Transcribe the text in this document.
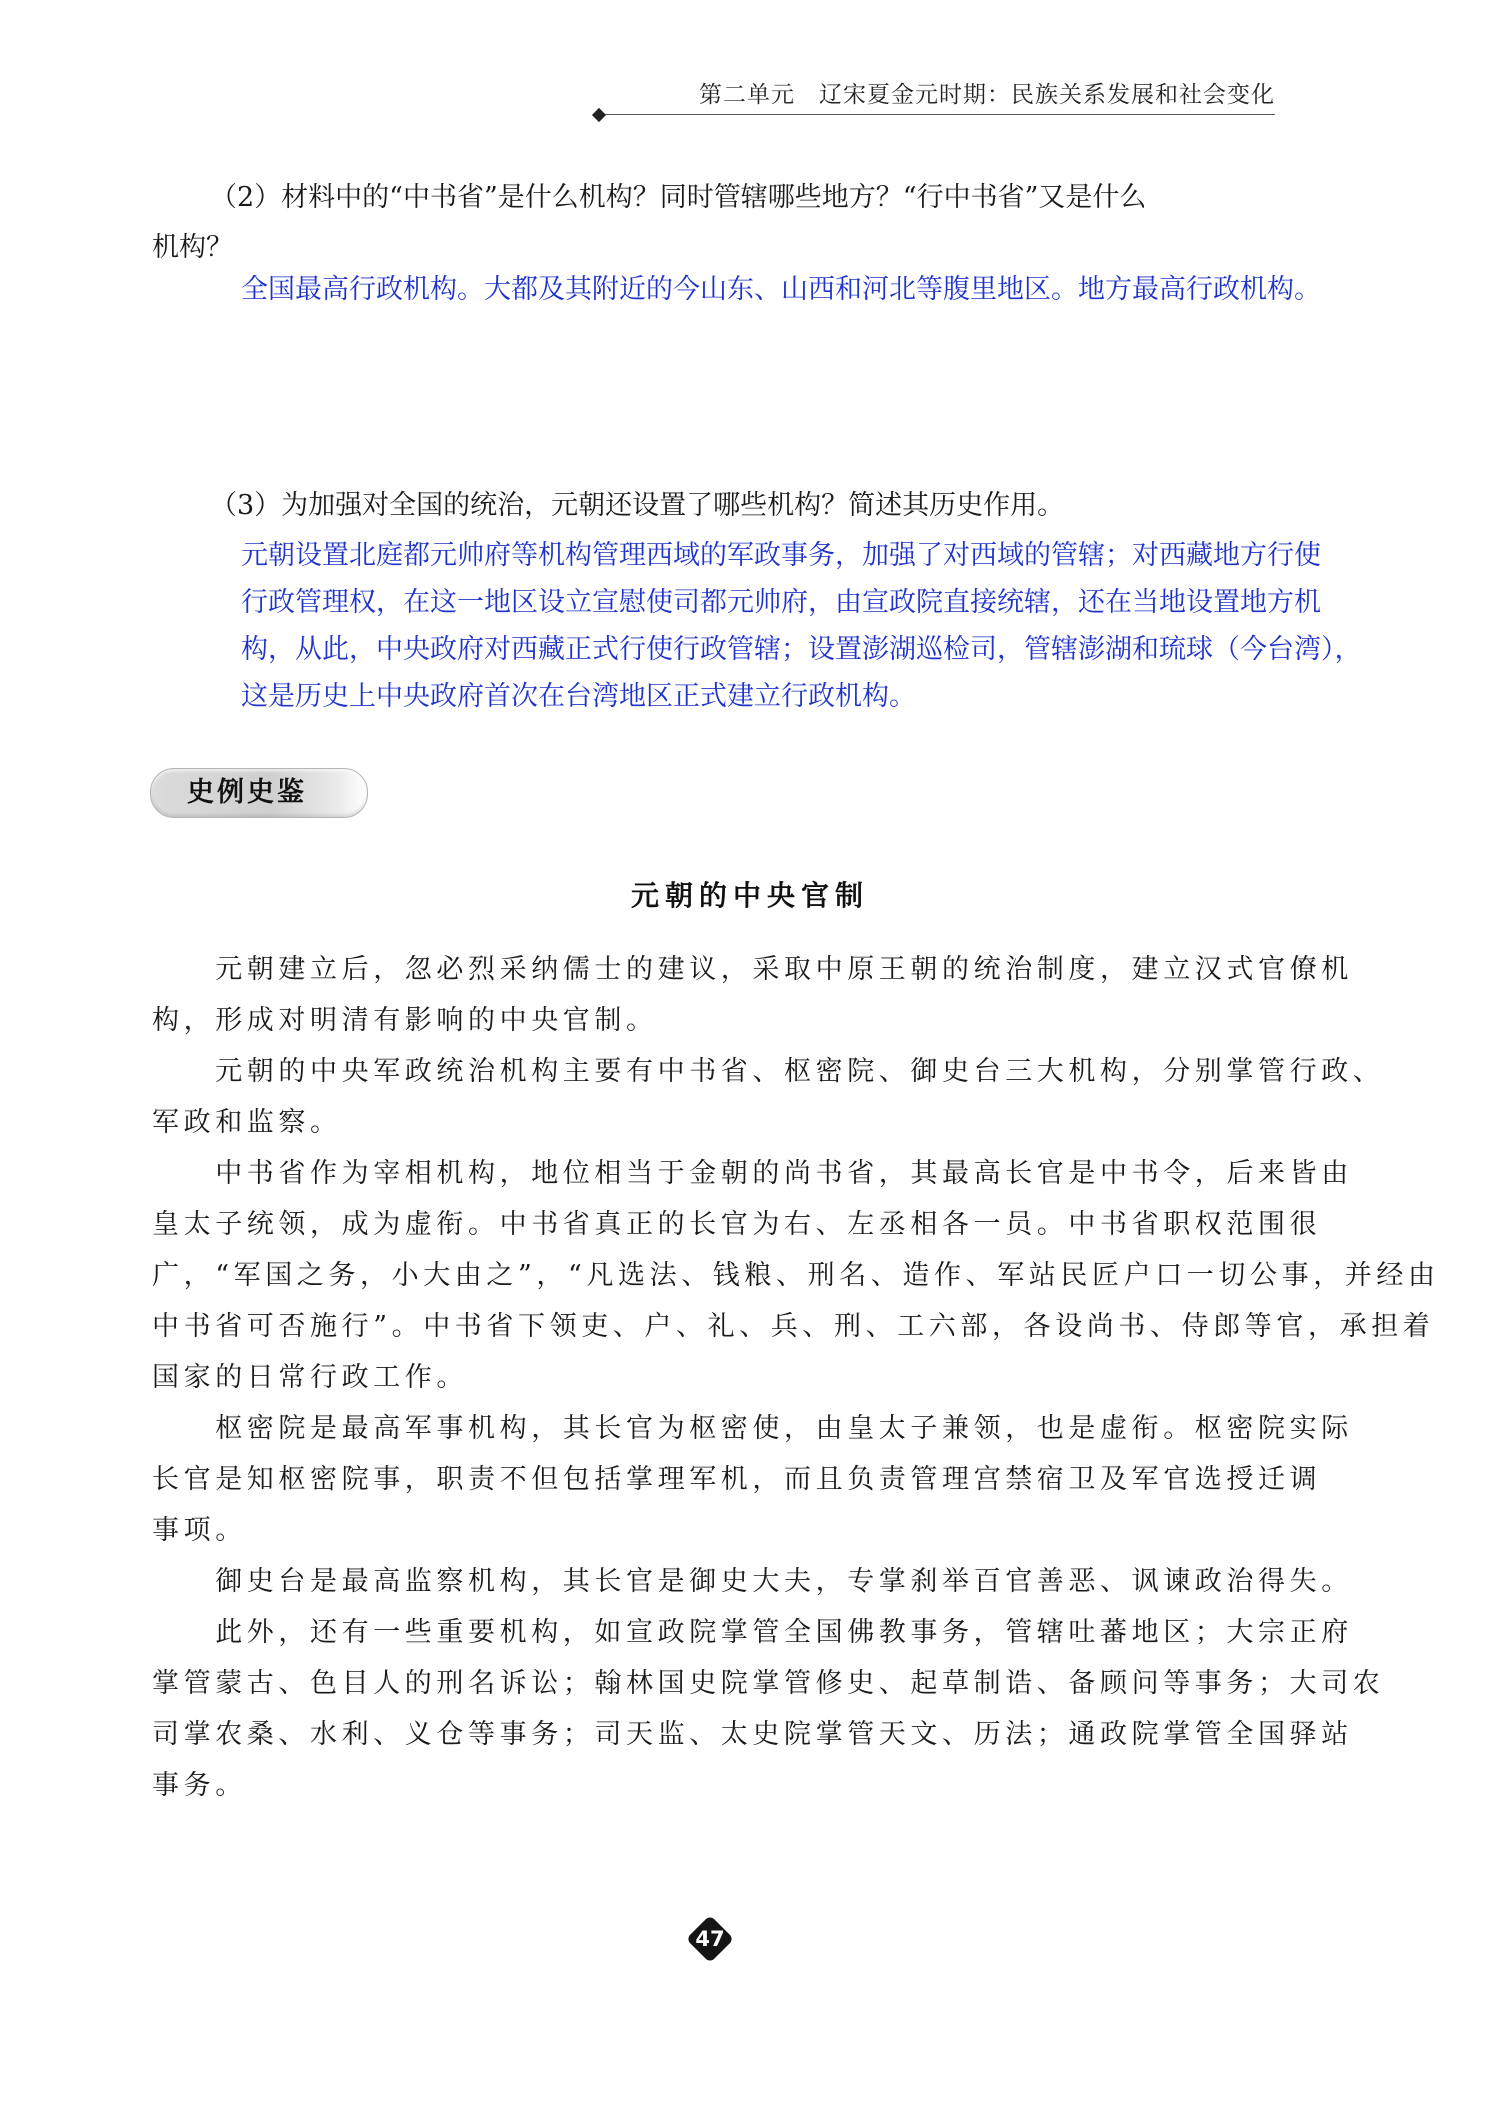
第二单元　辽宋夏金元时期：民族关系发展和社会变化
（2）材料中的“中书省”是什么机构？同时管辖哪些地方？“行中书省”又是什么
机构？
全国最高行政机构。大都及其附近的今山东、山西和河北等腹里地区。地方最高行政机构。
（3）为加强对全国的统治，元朝还设置了哪些机构？简述其历史作用。
元朝设置北庭都元帅府等机构管理西域的军政事务，加强了对西域的管辖；对西藏地方行使
行政管理权，在这一地区设立宣慰使司都元帅府，由宣政院直接统辖，还在当地设置地方机
构，从此，中央政府对西藏正式行使行政管辖；设置澎湖巡检司，管辖澎湖和琉球（今台湾），
这是历史上中央政府首次在台湾地区正式建立行政机构。
史例史鉴
元朝的中央官制
　　元朝建立后，忽必烈采纳儒士的建议，采取中原王朝的统治制度，建立汉式官僚机
构，形成对明清有影响的中央官制。
　　元朝的中央军政统治机构主要有中书省、枢密院、御史台三大机构，分别掌管行政、
军政和监察。
　　中书省作为宰相机构，地位相当于金朝的尚书省，其最高长官是中书令，后来皆由
皇太子统领，成为虚衔。中书省真正的长官为右、左丞相各一员。中书省职权范围很
广，“军国之务，小大由之”，“凡选法、钱粮、刑名、造作、军站民匠户口一切公事，并经由
中书省可否施行”。中书省下领吏、户、礼、兵、刑、工六部，各设尚书、侍郎等官，承担着
国家的日常行政工作。
　　枢密院是最高军事机构，其长官为枢密使，由皇太子兼领，也是虚衔。枢密院实际
长官是知枢密院事，职责不但包括掌理军机，而且负责管理宫禁宿卫及军官选授迁调
事项。
　　御史台是最高监察机构，其长官是御史大夫，专掌刹举百官善恶、讽谏政治得失。
　　此外，还有一些重要机构，如宣政院掌管全国佛教事务，管辖吐蕃地区；大宗正府
掌管蒙古、色目人的刑名诉讼；翰林国史院掌管修史、起草制诰、备顾问等事务；大司农
司掌农桑、水利、义仓等事务；司天监、太史院掌管天文、历法；通政院掌管全国驿站
事务。
47
